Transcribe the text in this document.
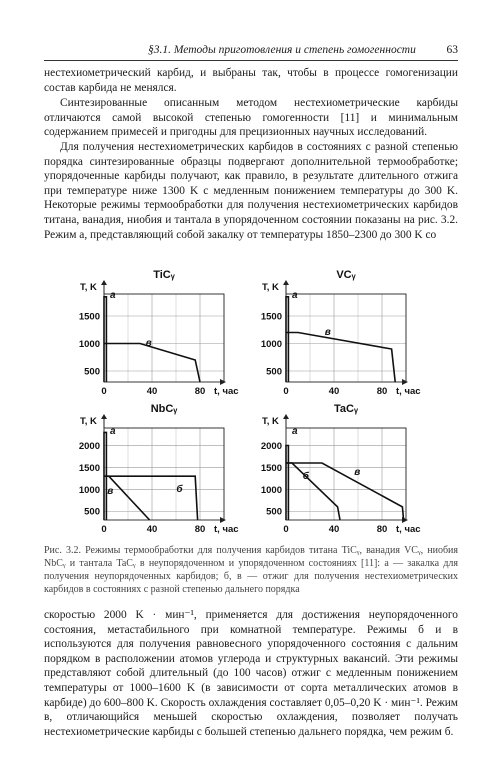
§3.1. Методы приготовления и степень гомогенности	63

нестехиометрический карбид, и выбраны так, чтобы в процессе гомогенизации состав карбида не менялся.

Синтезированные описанным методом нестехиометрические карбиды отличаются самой высокой степенью гомогенности [11] и минимальным содержанием примесей и пригодны для прецизионных научных исследований.

Для получения нестехиометрических карбидов в состояниях с разной степенью порядка синтезированные образцы подвергают дополнительной термообработке; упорядоченные карбиды получают, как правило, в результате длительного отжига при температуре ниже 1300 K с медленным понижением температуры до 300 K. Некоторые режимы термообработки для получения нестехиометрических карбидов титана, ванадия, ниобия и тантала в упорядоченном состоянии показаны на рис. 3.2. Режим а, представляющий собой закалку от температуры 1850–2300 до 300 K со

TiCᵧ
T, K
t, час
500
1000
1500
0	40	80
а
в
VCᵧ
T, K
t, час
500
1000
1500
0	40	80
а
в
NbCᵧ
T, K
t, час
500
1000
1500
2000
0	40	80
а
б
в
TaCᵧ
T, K
t, час
500
1000
1500
2000
0	40	80
а
б	в

Рис. 3.2. Режимы термообработки для получения карбидов титана TiCᵧ, ванадия VCᵧ, ниобия NbCᵧ и тантала TaCᵧ в неупорядоченном и упорядоченном состояниях [11]: а — закалка для получения неупорядоченных карбидов; б, в — отжиг для получения нестехиометрических карбидов в состояниях с разной степенью дальнего порядка

скоростью 2000 K · мин⁻¹, применяется для достижения неупорядоченного состояния, метастабильного при комнатной температуре. Режимы б и в используются для получения равновесного упорядоченного состояния с дальним порядком в расположении атомов углерода и структурных вакансий. Эти режимы представляют собой длительный (до 100 часов) отжиг с медленным понижением температуры от 1000–1600 K (в зависимости от сорта металлических атомов в карбиде) до 600–800 K. Скорость охлаждения составляет 0,05–0,20 K · мин⁻¹. Режим в, отличающийся меньшей скоростью охлаждения, позволяет получать нестехиометрические карбиды с большей степенью дальнего порядка, чем режим б.
